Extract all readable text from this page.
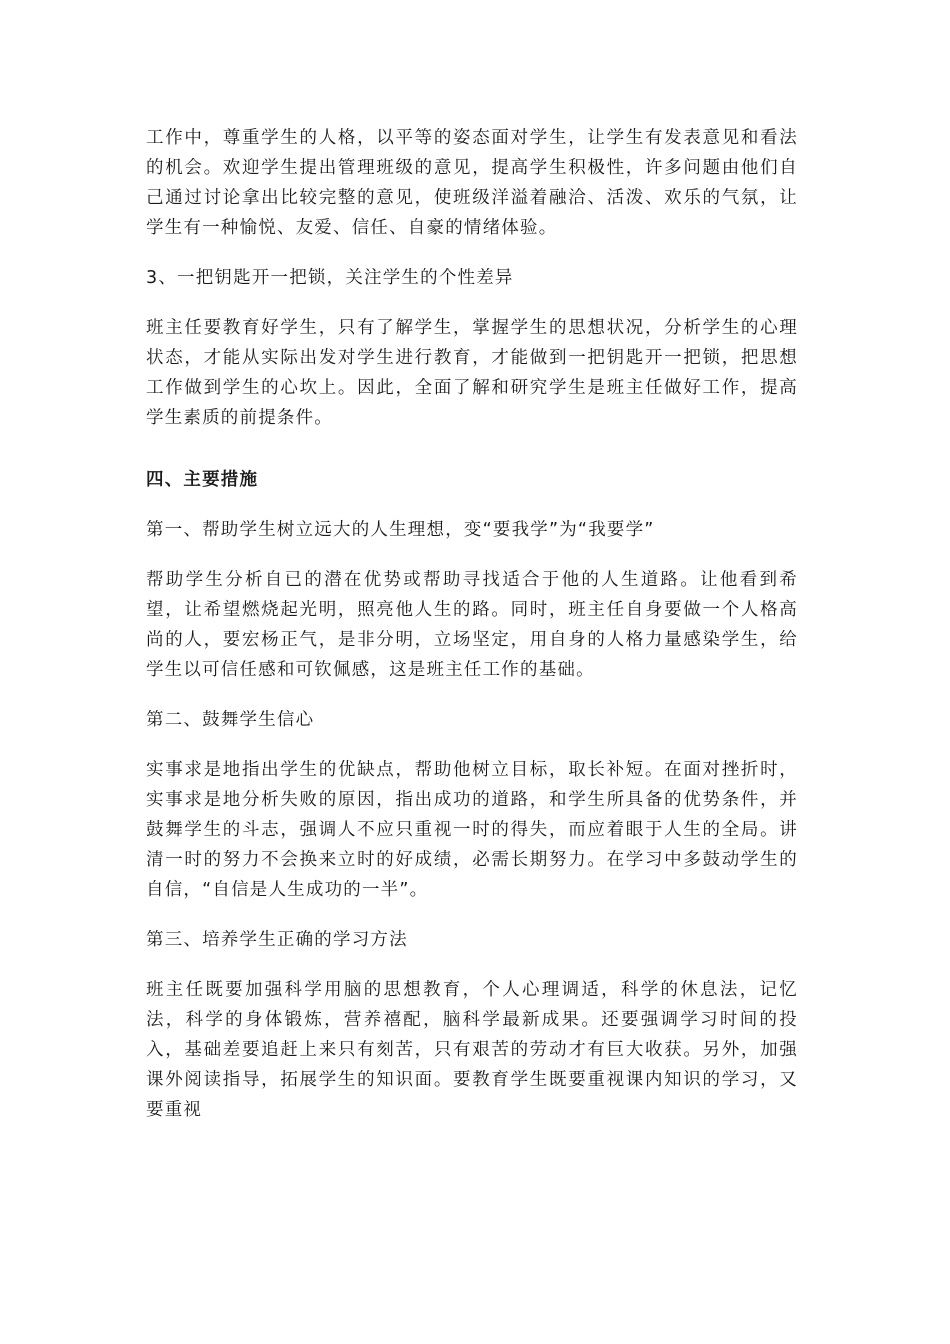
工作中，尊重学生的人格，以平等的姿态面对学生，让学生有发表意见和看法的机会。欢迎学生提出管理班级的意见，提高学生积极性，许多问题由他们自己通过讨论拿出比较完整的意见，使班级洋溢着融洽、活泼、欢乐的气氛，让学生有一种愉悦、友爱、信任、自豪的情绪体验。

3、一把钥匙开一把锁，关注学生的个性差异

班主任要教育好学生，只有了解学生，掌握学生的思想状况，分析学生的心理状态，才能从实际出发对学生进行教育，才能做到一把钥匙开一把锁，把思想工作做到学生的心坎上。因此，全面了解和研究学生是班主任做好工作，提高学生素质的前提条件。

四、主要措施

第一、帮助学生树立远大的人生理想，变“要我学”为“我要学”

帮助学生分析自已的潜在优势或帮助寻找适合于他的人生道路。让他看到希望，让希望燃烧起光明，照亮他人生的路。同时，班主任自身要做一个人格高尚的人，要宏杨正气，是非分明，立场坚定，用自身的人格力量感染学生，给学生以可信任感和可钦佩感，这是班主任工作的基础。

第二、鼓舞学生信心

实事求是地指出学生的优缺点，帮助他树立目标，取长补短。在面对挫折时，实事求是地分析失败的原因，指出成功的道路，和学生所具备的优势条件，并鼓舞学生的斗志，强调人不应只重视一时的得失，而应着眼于人生的全局。讲清一时的努力不会换来立时的好成绩，必需长期努力。在学习中多鼓动学生的自信，“自信是人生成功的一半”。

第三、培养学生正确的学习方法

班主任既要加强科学用脑的思想教育，个人心理调适，科学的休息法，记忆法，科学的身体锻炼，营养禧配，脑科学最新成果。还要强调学习时间的投入，基础差要追赶上来只有刻苦，只有艰苦的劳动才有巨大收获。另外，加强课外阅读指导，拓展学生的知识面。要教育学生既要重视课内知识的学习，又要重视
